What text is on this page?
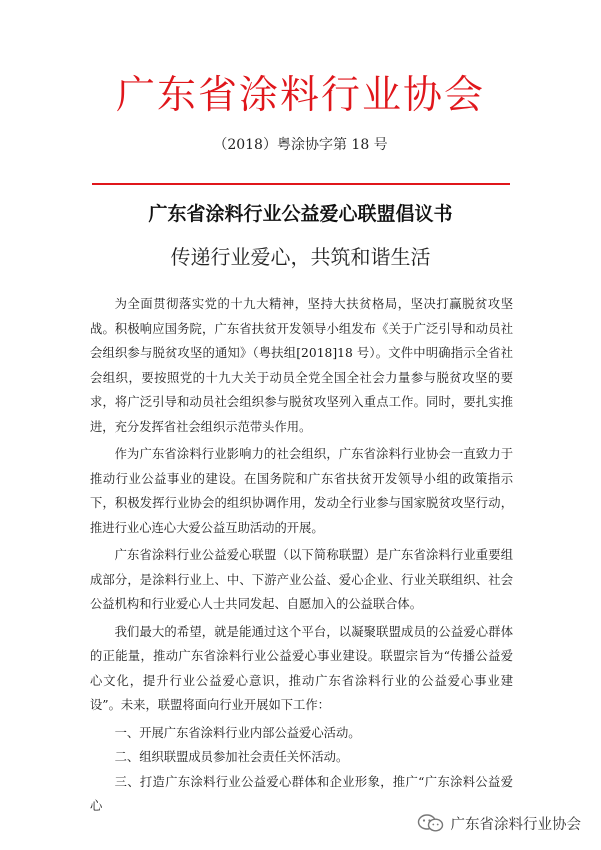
广东省涂料行业协会
（2018）粤涂协字第 18 号
广东省涂料行业公益爱心联盟倡议书
传递行业爱心，共筑和谐生活

为全面贯彻落实党的十九大精神，坚持大扶贫格局，坚决打赢脱贫攻坚战。积极响应国务院，广东省扶贫开发领导小组发布《关于广泛引导和动员社会组织参与脱贫攻坚的通知》（粤扶组[2018]18 号）。文件中明确指示全省社会组织，要按照党的十九大关于动员全党全国全社会力量参与脱贫攻坚的要求，将广泛引导和动员社会组织参与脱贫攻坚列入重点工作。同时，要扎实推进，充分发挥省社会组织示范带头作用。

作为广东省涂料行业影响力的社会组织，广东省涂料行业协会一直致力于推动行业公益事业的建设。在国务院和广东省扶贫开发领导小组的政策指示下，积极发挥行业协会的组织协调作用，发动全行业参与国家脱贫攻坚行动，推进行业心连心大爱公益互助活动的开展。

广东省涂料行业公益爱心联盟（以下简称联盟）是广东省涂料行业重要组成部分，是涂料行业上、中、下游产业公益、爱心企业、行业关联组织、社会公益机构和行业爱心人士共同发起、自愿加入的公益联合体。

我们最大的希望，就是能通过这个平台，以凝聚联盟成员的公益爱心群体的正能量，推动广东省涂料行业公益爱心事业建设。联盟宗旨为“传播公益爱心文化，提升行业公益爱心意识，推动广东省涂料行业的公益爱心事业建设”。未来，联盟将面向行业开展如下工作：

一、开展广东省涂料行业内部公益爱心活动。

二、组织联盟成员参加社会责任关怀活动。

三、打造广东涂料行业公益爱心群体和企业形象，推广“广东涂料公益爱心

广东省涂料行业协会
